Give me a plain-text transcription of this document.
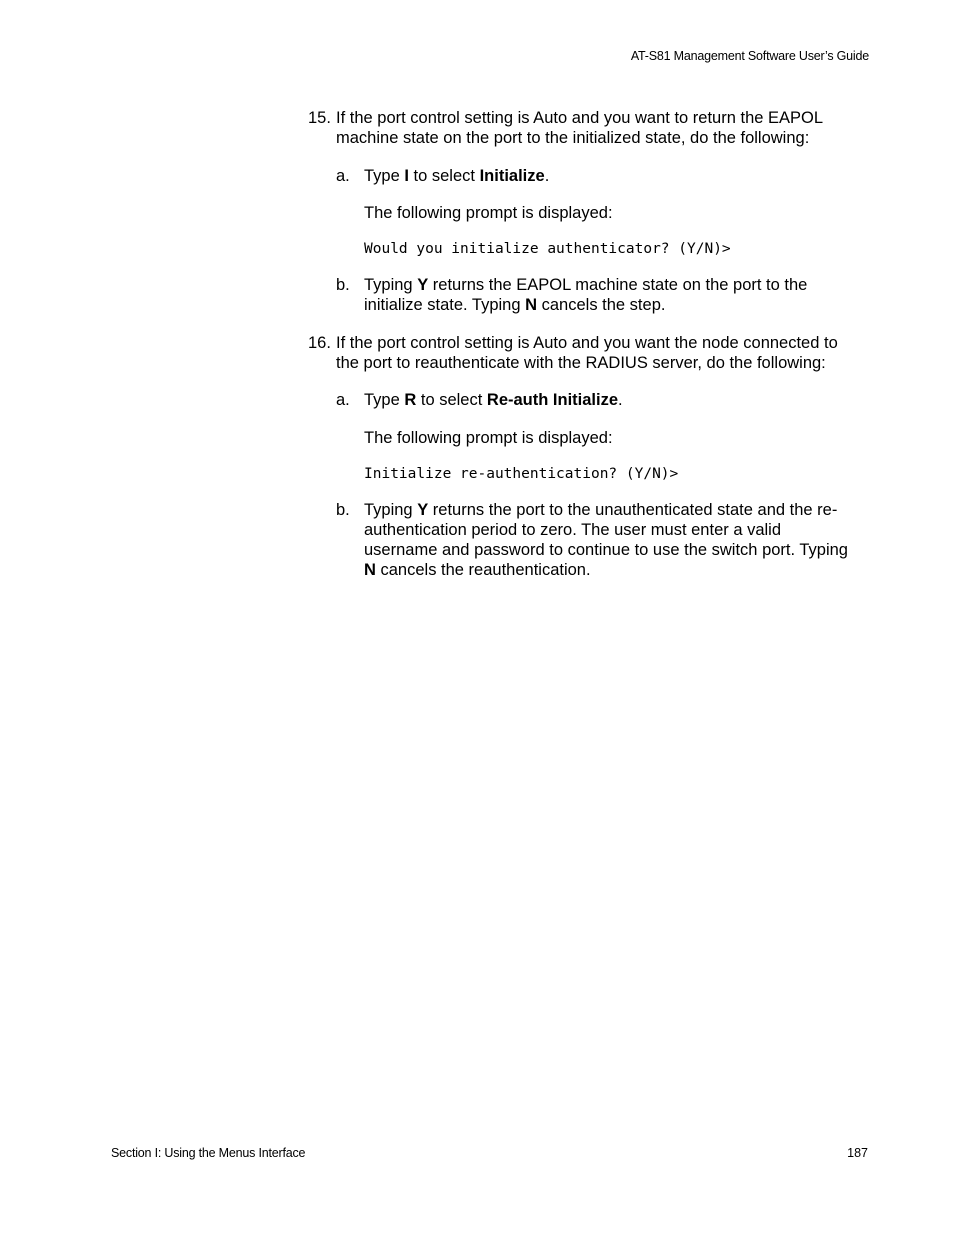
AT-S81 Management Software User’s Guide
15. If the port control setting is Auto and you want to return the EAPOL
machine state on the port to the initialized state, do the following:
a. Type I to select Initialize.
The following prompt is displayed:
Would you initialize authenticator? (Y/N)>
b. Typing Y returns the EAPOL machine state on the port to the
initialize state. Typing N cancels the step.
16. If the port control setting is Auto and you want the node connected to
the port to reauthenticate with the RADIUS server, do the following:
a. Type R to select Re-auth Initialize.
The following prompt is displayed:
Initialize re-authentication? (Y/N)>
b. Typing Y returns the port to the unauthenticated state and the re-
authentication period to zero. The user must enter a valid
username and password to continue to use the switch port. Typing
N cancels the reauthentication.
Section I: Using the Menus Interface	187
